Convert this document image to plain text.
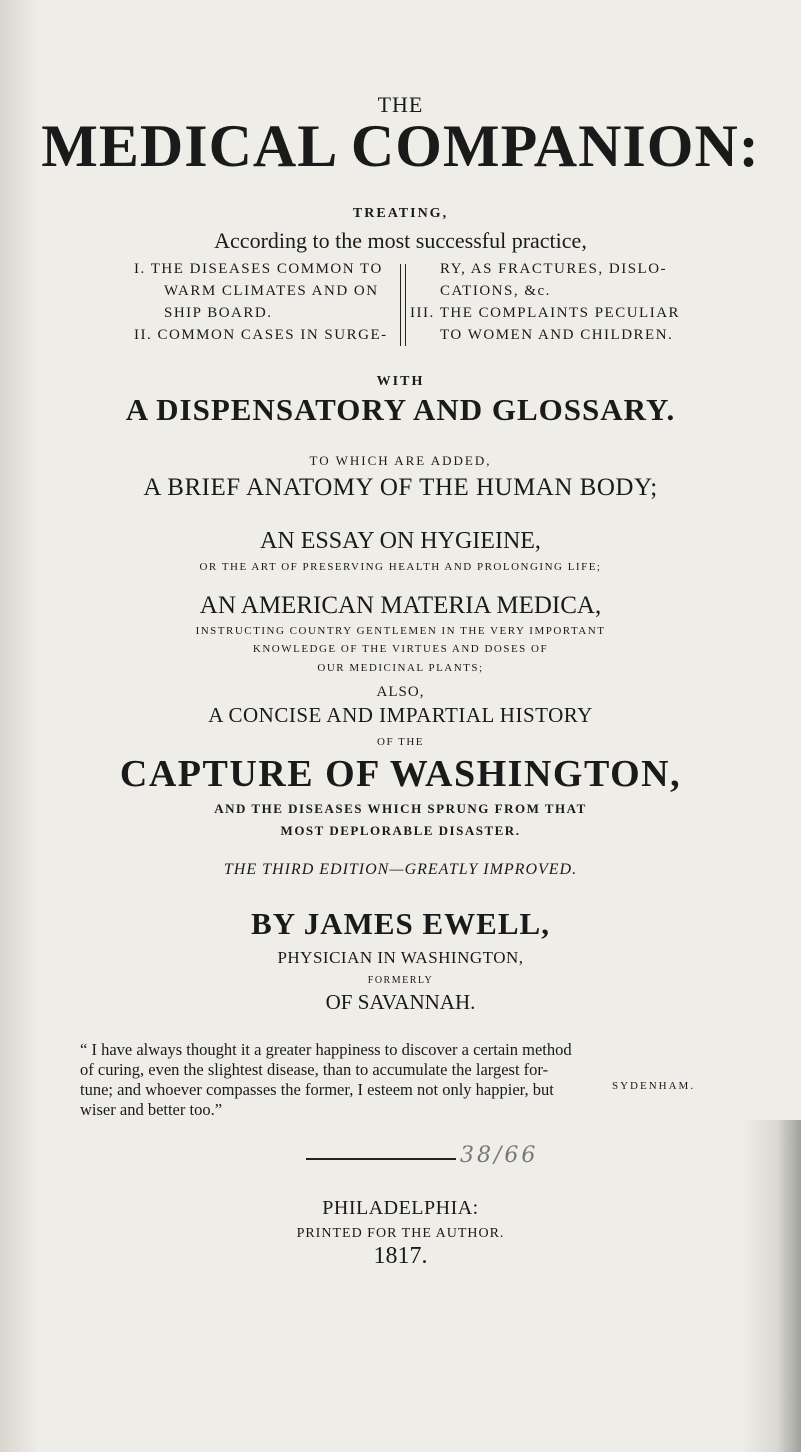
THE
MEDICAL COMPANION:
TREATING,
According to the most successful practice,
I. THE DISEASES COMMON TO
WARM CLIMATES AND ON
SHIP BOARD.
II. COMMON CASES IN SURGE-
RY, AS FRACTURES, DISLO-
CATIONS, &c.
III. THE COMPLAINTS PECULIAR
TO WOMEN AND CHILDREN.
WITH
A DISPENSATORY AND GLOSSARY.
TO WHICH ARE ADDED,
A BRIEF ANATOMY OF THE HUMAN BODY;
AN ESSAY ON HYGIEINE,
OR THE ART OF PRESERVING HEALTH AND PROLONGING LIFE;
AN AMERICAN MATERIA MEDICA,
INSTRUCTING COUNTRY GENTLEMEN IN THE VERY IMPORTANT
KNOWLEDGE OF THE VIRTUES AND DOSES OF
OUR MEDICINAL PLANTS;
ALSO,
A CONCISE AND IMPARTIAL HISTORY
OF THE
CAPTURE OF WASHINGTON,
AND THE DISEASES WHICH SPRUNG FROM THAT
MOST DEPLORABLE DISASTER.
THE THIRD EDITION—GREATLY IMPROVED.
BY JAMES EWELL,
PHYSICIAN IN WASHINGTON,
FORMERLY
OF SAVANNAH.
“ I have always thought it a greater happiness to discover a certain method
of curing, even the slightest disease, than to accumulate the largest for-
tune; and whoever compasses the former, I esteem not only happier, but
wiser and better too.”
SYDENHAM.
38/66
PHILADELPHIA:
PRINTED FOR THE AUTHOR.
1817.
